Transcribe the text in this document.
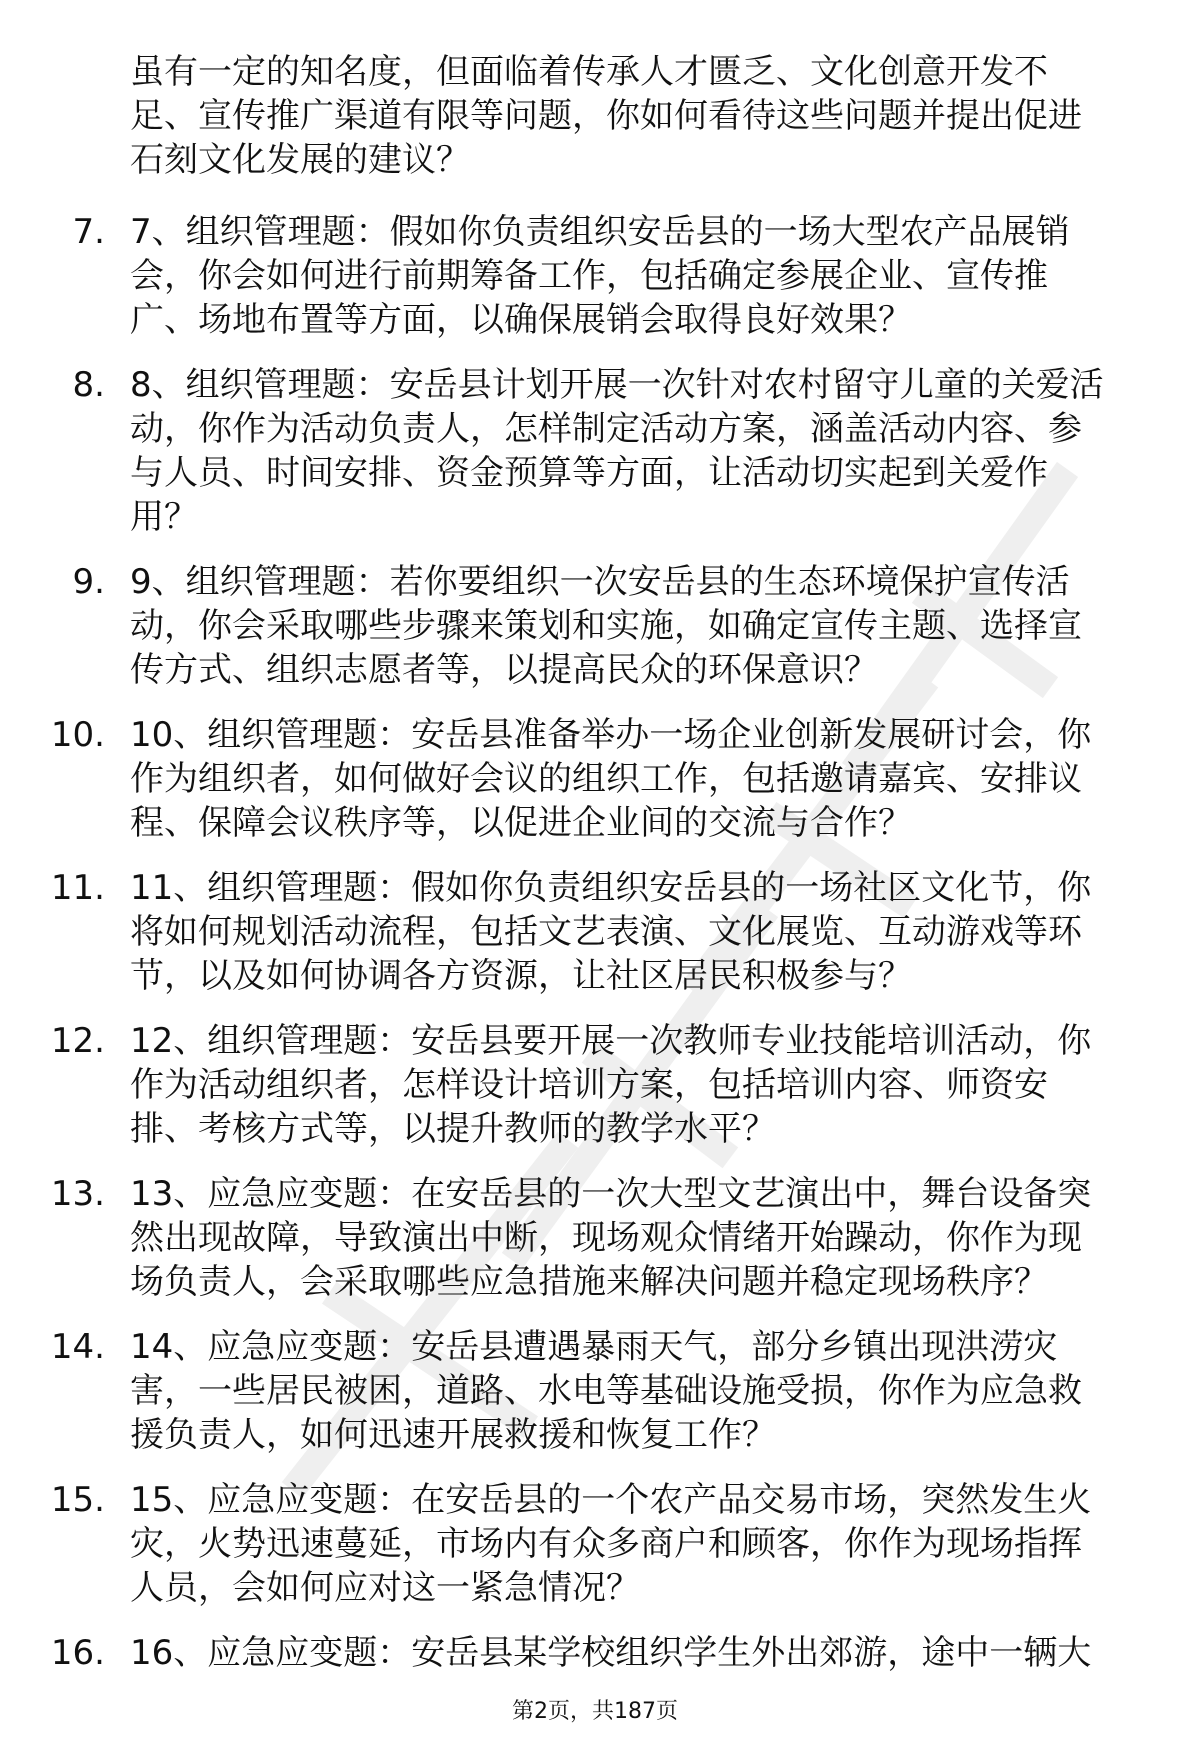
虽有一定的知名度，但面临着传承人才匮乏、文化创意开发不
足、宣传推广渠道有限等问题，你如何看待这些问题并提出促进
石刻文化发展的建议？
7. 7、组织管理题：假如你负责组织安岳县的一场大型农产品展销
会，你会如何进行前期筹备工作，包括确定参展企业、宣传推
广、场地布置等方面，以确保展销会取得良好效果？
8. 8、组织管理题：安岳县计划开展一次针对农村留守儿童的关爱活
动，你作为活动负责人，怎样制定活动方案，涵盖活动内容、参
与人员、时间安排、资金预算等方面，让活动切实起到关爱作
用？
9. 9、组织管理题：若你要组织一次安岳县的生态环境保护宣传活
动，你会采取哪些步骤来策划和实施，如确定宣传主题、选择宣
传方式、组织志愿者等，以提高民众的环保意识？
10. 10、组织管理题：安岳县准备举办一场企业创新发展研讨会，你
作为组织者，如何做好会议的组织工作，包括邀请嘉宾、安排议
程、保障会议秩序等，以促进企业间的交流与合作？
11. 11、组织管理题：假如你负责组织安岳县的一场社区文化节，你
将如何规划活动流程，包括文艺表演、文化展览、互动游戏等环
节，以及如何协调各方资源，让社区居民积极参与？
12. 12、组织管理题：安岳县要开展一次教师专业技能培训活动，你
作为活动组织者，怎样设计培训方案，包括培训内容、师资安
排、考核方式等，以提升教师的教学水平？
13. 13、应急应变题：在安岳县的一次大型文艺演出中，舞台设备突
然出现故障，导致演出中断，现场观众情绪开始躁动，你作为现
场负责人，会采取哪些应急措施来解决问题并稳定现场秩序？
14. 14、应急应变题：安岳县遭遇暴雨天气，部分乡镇出现洪涝灾
害，一些居民被困，道路、水电等基础设施受损，你作为应急救
援负责人，如何迅速开展救援和恢复工作？
15. 15、应急应变题：在安岳县的一个农产品交易市场，突然发生火
灾，火势迅速蔓延，市场内有众多商户和顾客，你作为现场指挥
人员，会如何应对这一紧急情况？
16. 16、应急应变题：安岳县某学校组织学生外出郊游，途中一辆大
第2页，共187页
